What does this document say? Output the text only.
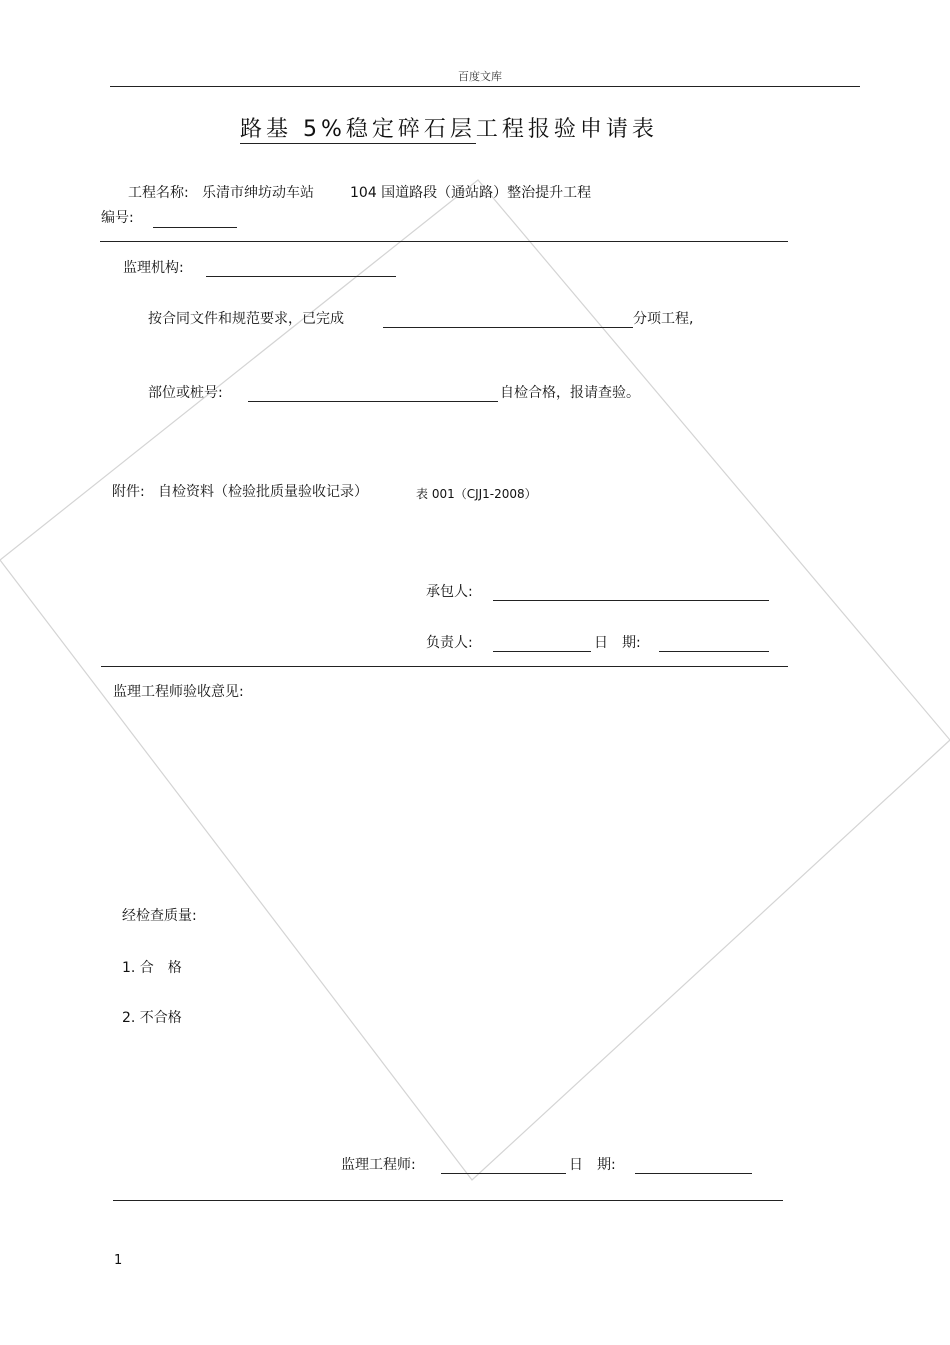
百度文库
路基 5%稳定碎石层工程报验申请表
工程名称: 乐清市绅坊动车站	104 国道路段（通站路）整治提升工程
编号:
监理机构:
按合同文件和规范要求，已完成	分项工程,
部位或桩号:	自检合格，报请查验。
附件: 自检资料（检验批质量验收记录）	表 001（CJJ1-2008）
承包人:
负责人:	日　期:
监理工程师验收意见:
经检查质量:
1. 合　格
2. 不合格
监理工程师:	日　期:
1
